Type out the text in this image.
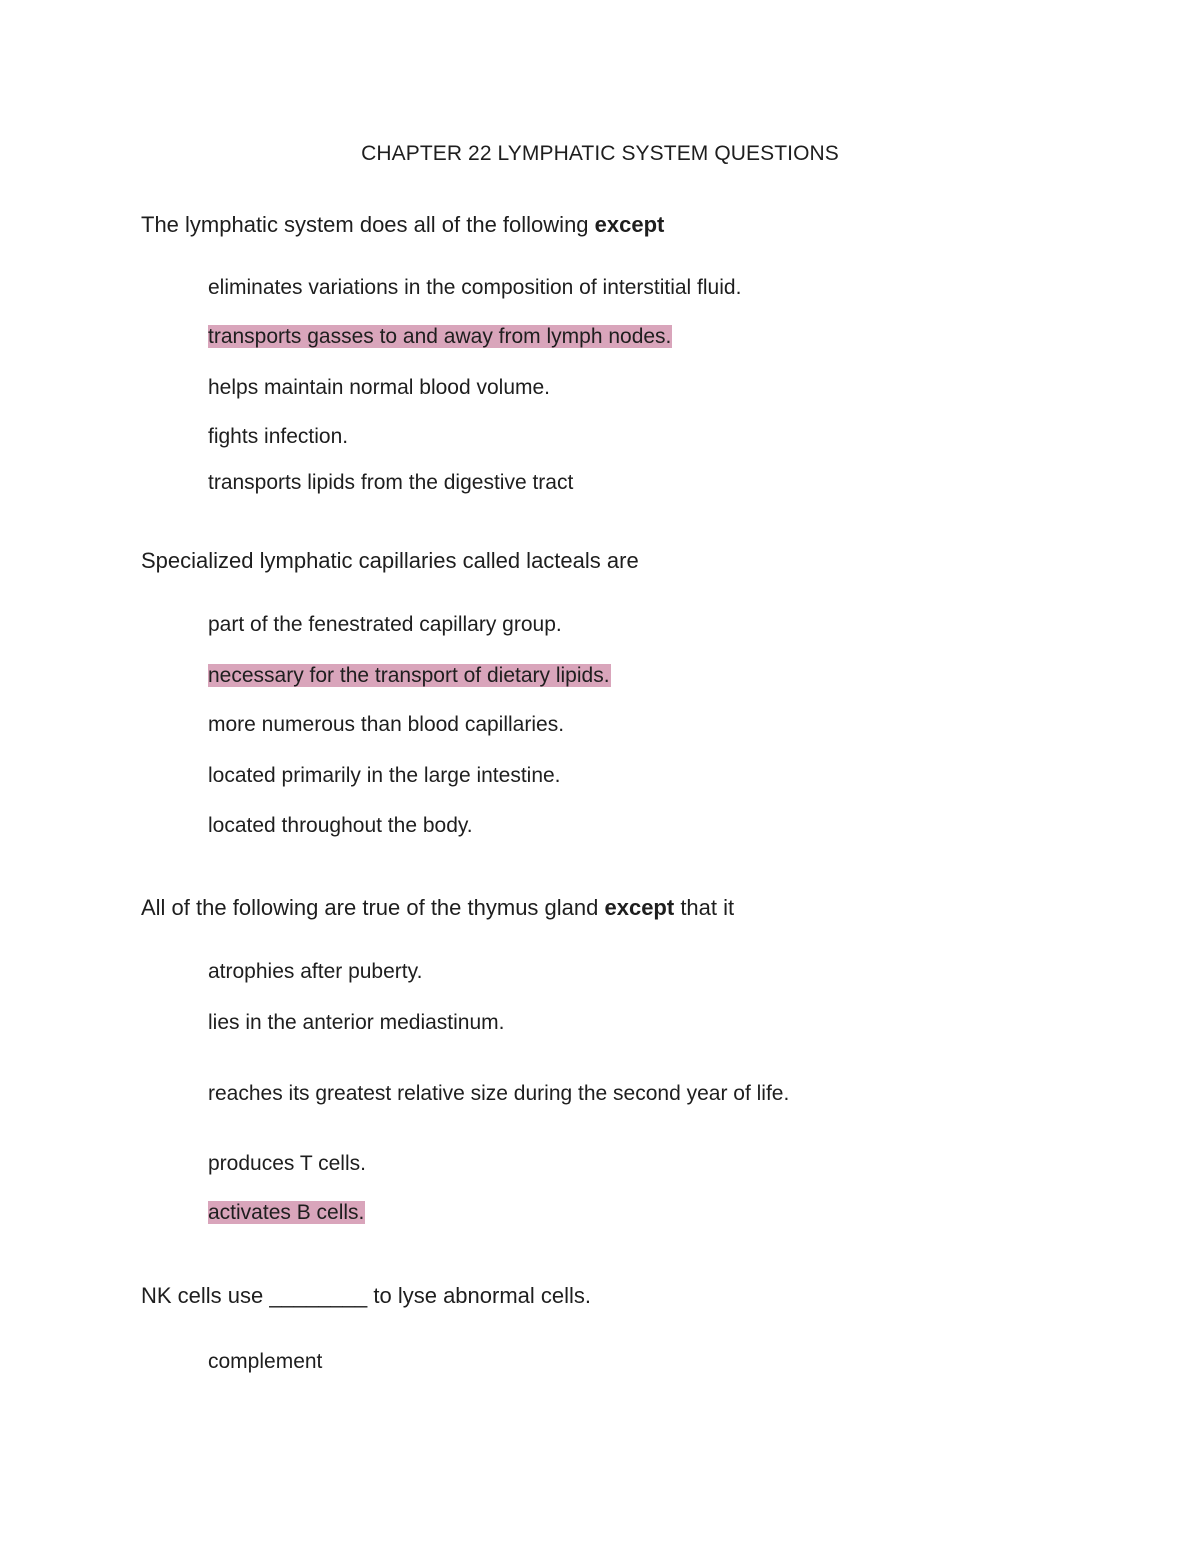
CHAPTER 22 LYMPHATIC SYSTEM QUESTIONS
The lymphatic system does all of the following except
eliminates variations in the composition of interstitial fluid.
transports gasses to and away from lymph nodes.
helps maintain normal blood volume.
fights infection.
transports lipids from the digestive tract
Specialized lymphatic capillaries called lacteals are
part of the fenestrated capillary group.
necessary for the transport of dietary lipids.
more numerous than blood capillaries.
located primarily in the large intestine.
located throughout the body.
All of the following are true of the thymus gland except that it
atrophies after puberty.
lies in the anterior mediastinum.
reaches its greatest relative size during the second year of life.
produces T cells.
activates B cells.
NK cells use ________ to lyse abnormal cells.
complement
